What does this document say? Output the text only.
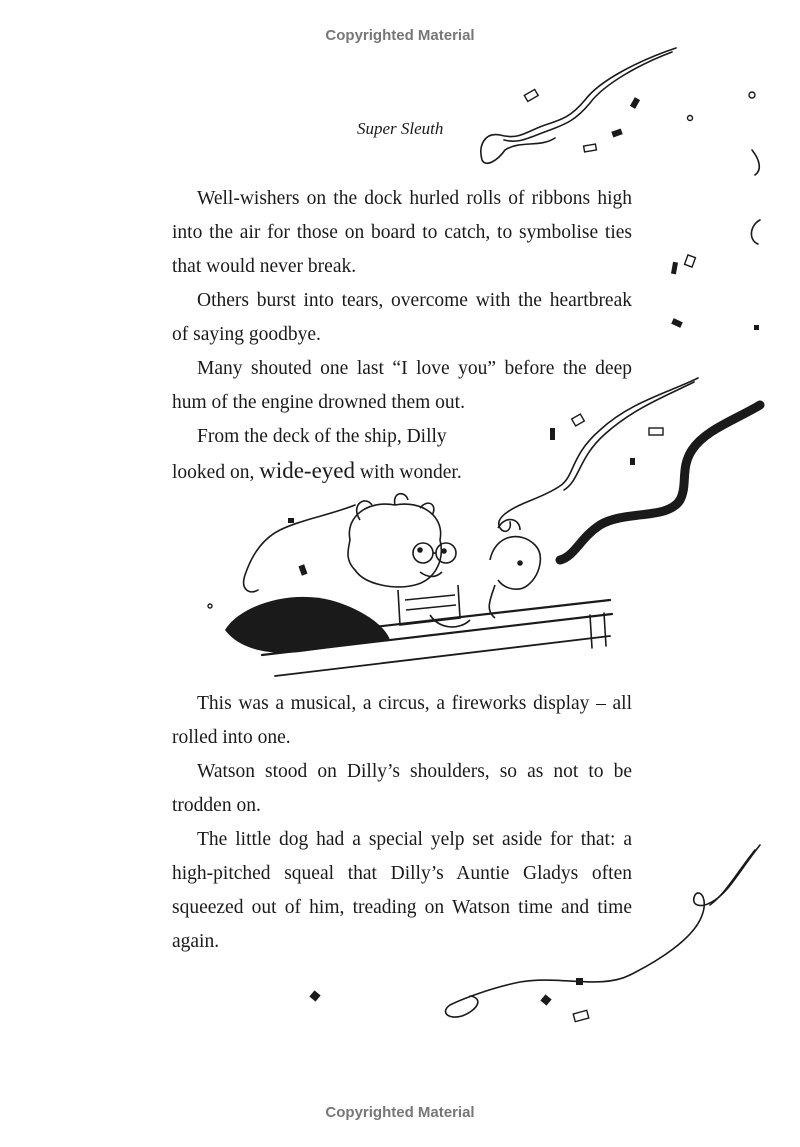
Copyrighted Material
Super Sleuth

Well-wishers on the dock hurled rolls of ribbons high into the air for those on board to catch, to symbolise ties that would never break.

Others burst into tears, overcome with the heartbreak of saying goodbye.

Many shouted one last “I love you” before the deep hum of the engine drowned them out.

From the deck of the ship, Dilly looked on, wide-eyed with wonder.

This was a musical, a circus, a fireworks display – all rolled into one.

Watson stood on Dilly’s shoulders, so as not to be trodden on.

The little dog had a special yelp set aside for that: a high-pitched squeal that Dilly’s Auntie Gladys often squeezed out of him, treading on Watson time and time again.

Copyrighted Material
